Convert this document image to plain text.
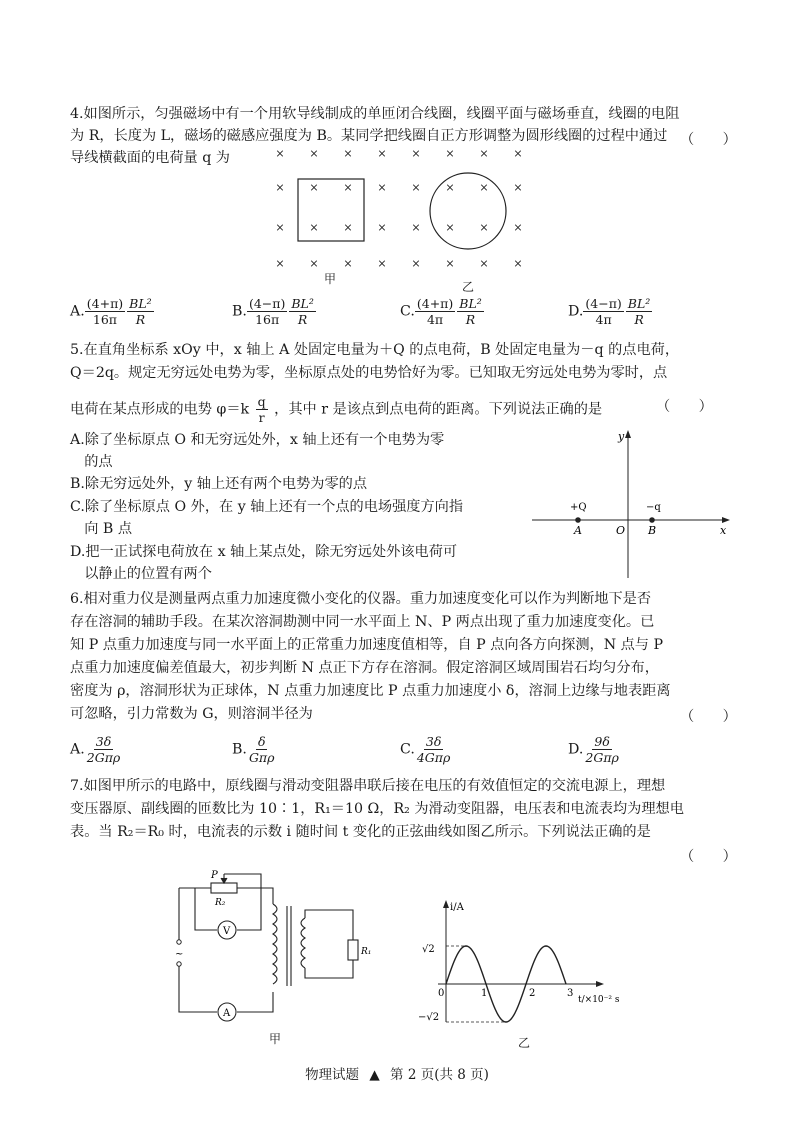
4.如图所示，匀强磁场中有一个用软导线制成的单匝闭合线圈，线圈平面与磁场垂直，线圈的电阻
为 R，长度为 L，磁场的磁感应强度为 B。某同学把线圈自正方形调整为圆形线圈的过程中通过
导线横截面的电荷量 q 为
（　　）
× × × × × × × ×
× × × × × × × ×
× × × × × × × ×
× × × × × × × ×
甲
乙
A. $\frac{(4+\pi)}{16\pi} \frac{\text{BL²}}{R}$	B. $\frac{(4-\pi)}{16\pi} \frac{\text{BL²}}{R}$	C. $\frac{(4+\pi)}{4\pi} \frac{\text{BL²}}{R}$	D. $\frac{(4-\pi)}{4\pi} \frac{\text{BL²}}{R}$
5.在直角坐标系 xOy 中，x 轴上 A 处固定电量为＋Q 的点电荷，B 处固定电量为－q 的点电荷，
Q＝2q。规定无穷远处电势为零，坐标原点处的电势恰好为零。已知取无穷远处电势为零时，点
电荷在某点形成的电势 $\varphi=k \frac{q}{r}$ ，其中 r 是该点到点电荷的距离。下列说法正确的是	（　　）
A.除了坐标原点 O 和无穷远处外，x 轴上还有一个电势为零
　的点
B.除无穷远处外，y 轴上还有两个电势为零的点
C.除了坐标原点 O 外，在 y 轴上还有一个点的电场强度方向指
　向 B 点
D.把一正试探电荷放在 x 轴上某点处，除无穷远处外该电荷可
　以静止的位置有两个
y
x
O
+Q	−q
A	B
6.相对重力仪是测量两点重力加速度微小变化的仪器。重力加速度变化可以作为判断地下是否
存在溶洞的辅助手段。在某次溶洞勘测中同一水平面上 N、P 两点出现了重力加速度变化。已
知 P 点重力加速度与同一水平面上的正常重力加速度值相等，自 P 点向各方向探测，N 点与 P
点重力加速度偏差值最大，初步判断 N 点正下方存在溶洞。假定溶洞区域周围岩石均匀分布，
密度为 ρ，溶洞形状为正球体，N 点重力加速度比 P 点重力加速度小 δ，溶洞上边缘与地表距离
可忽略，引力常数为 G，则溶洞半径为	（　　）
A. $\frac{3\delta}{\text{2Gπρ}}$	B. $\frac{\delta}{\text{Gπρ}}$	C. $\frac{3\delta}{\text{4Gπρ}}$	D. $\frac{9\delta}{\text{2Gπρ}}$
7.如图甲所示的电路中，原线圈与滑动变阻器串联后接在电压的有效值恒定的交流电源上，理想
变压器原、副线圈的匝数比为 10∶1，R₁＝10 Ω，R₂ 为滑动变阻器，电压表和电流表均为理想电
表。当 R₂＝R₀ 时，电流表的示数 i 随时间 t 变化的正弦曲线如图乙所示。下列说法正确的是
（　　）
V
A
P
R₂
R₁
~
甲
i/A
t/×10⁻² s
√2
−√2
0	1	2	3
乙
物理试题 ▲ 第 2 页(共 8 页)
